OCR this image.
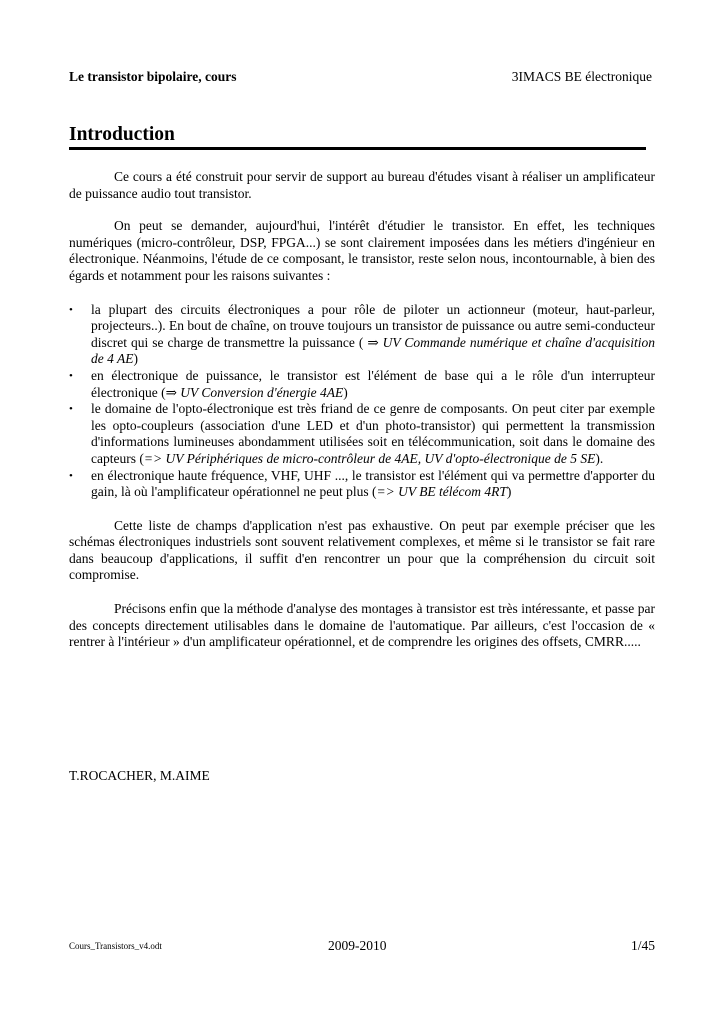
Le transistor bipolaire, cours	3IMACS BE électronique
Introduction

Ce cours a été construit pour servir de support au bureau d'études visant à réaliser un amplificateur de puissance audio tout transistor.

On peut se demander, aujourd'hui, l'intérêt d'étudier le transistor. En effet, les techniques numériques (micro-contrôleur, DSP, FPGA...) se sont clairement imposées dans les métiers d'ingénieur en électronique. Néanmoins, l'étude de ce composant, le transistor, reste selon nous, incontournable, à bien des égards et notamment pour les raisons suivantes :

• la plupart des circuits électroniques a pour rôle de piloter un actionneur (moteur, haut-parleur, projecteurs..). En bout de chaîne, on trouve toujours un transistor de puissance ou autre semi-conducteur discret qui se charge de transmettre la puissance ( ⇒ UV Commande numérique et chaîne d'acquisition de 4 AE)
• en électronique de puissance, le transistor est l'élément de base qui a le rôle d'un interrupteur électronique (⇒ UV Conversion d'énergie 4AE)
• le domaine de l'opto-électronique est très friand de ce genre de composants. On peut citer par exemple les opto-coupleurs (association d'une LED et d'un photo-transistor) qui permettent la transmission d'informations lumineuses abondamment utilisées soit en télécommunication, soit dans le domaine des capteurs (=> UV Périphériques de micro-contrôleur de 4AE, UV d'opto-électronique de 5 SE).
• en électronique haute fréquence, VHF, UHF ..., le transistor est l'élément qui va permettre d'apporter du gain, là où l'amplificateur opérationnel ne peut plus (=> UV BE télécom 4RT)

Cette liste de champs d'application n'est pas exhaustive. On peut par exemple préciser que les schémas électroniques industriels sont souvent relativement complexes, et même si le transistor se fait rare dans beaucoup d'applications, il suffit d'en rencontrer un pour que la compréhension du circuit soit compromise.

Précisons enfin que la méthode d'analyse des montages à transistor est très intéressante, et passe par des concepts directement utilisables dans le domaine de l'automatique. Par ailleurs, c'est l'occasion de « rentrer à l'intérieur » d'un amplificateur opérationnel, et de comprendre les origines des offsets, CMRR.....

T.ROCACHER, M.AIME
Cours_Transistors_v4.odt	2009-2010	1/45
